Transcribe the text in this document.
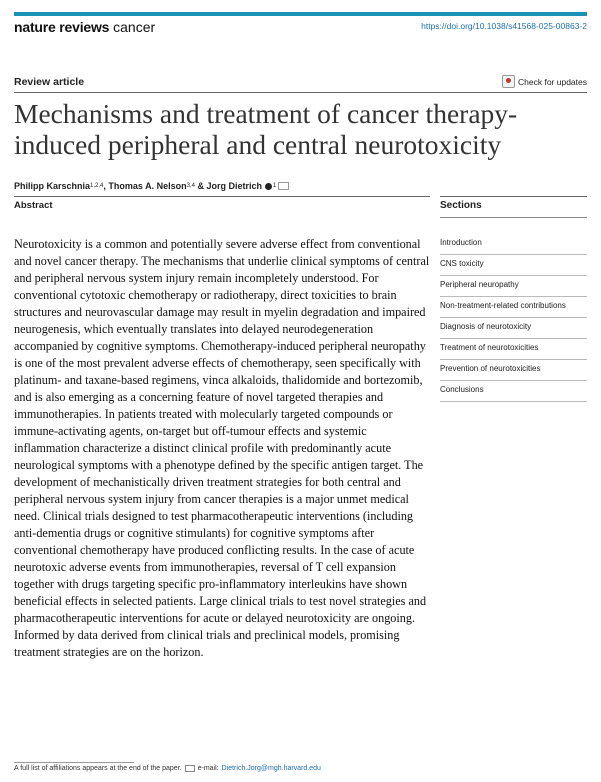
nature reviews cancer	https://doi.org/10.1038/s41568-025-00863-2
Review article	Check for updates
Mechanisms and treatment of cancer therapy-induced peripheral and central neurotoxicity
Philipp Karschnia 1,2,4 , Thomas A. Nelson 3,4 & Jorg Dietrich 1
Abstract

Neurotoxicity is a common and potentially severe adverse effect from conventional and novel cancer therapy. The mechanisms that underlie clinical symptoms of central and peripheral nervous system injury remain incompletely understood. For conventional cytotoxic chemotherapy or radiotherapy, direct toxicities to brain structures and neurovascular damage may result in myelin degradation and impaired neurogenesis, which eventually translates into delayed neurodegeneration accompanied by cognitive symptoms. Chemotherapy-induced peripheral neuropathy is one of the most prevalent adverse effects of chemotherapy, seen specifically with platinum- and taxane-based regimens, vinca alkaloids, thalidomide and bortezomib, and is also emerging as a concerning feature of novel targeted therapies and immunotherapies. In patients treated with molecularly targeted compounds or immune-activating agents, on-target but off-tumour effects and systemic inflammation characterize a distinct clinical profile with predominantly acute neurological symptoms with a phenotype defined by the specific antigen target. The development of mechanistically driven treatment strategies for both central and peripheral nervous system injury from cancer therapies is a major unmet medical need. Clinical trials designed to test pharmacotherapeutic interventions (including anti-dementia drugs or cognitive stimulants) for cognitive symptoms after conventional chemotherapy have produced conflicting results. In the case of acute neurotoxic adverse events from immunotherapies, reversal of T cell expansion together with drugs targeting specific pro-inflammatory interleukins have shown beneficial effects in selected patients. Large clinical trials to test novel strategies and pharmacotherapeutic interventions for acute or delayed neurotoxicity are ongoing. Informed by data derived from clinical trials and preclinical models, promising treatment strategies are on the horizon.

Sections
Introduction
CNS toxicity
Peripheral neuropathy
Non-treatment-related contributions
Diagnosis of neurotoxicity
Treatment of neurotoxicities
Prevention of neurotoxicities
Conclusions
A full list of affiliations appears at the end of the paper. e-mail: Dietrich.Jorg@mgh.harvard.edu
